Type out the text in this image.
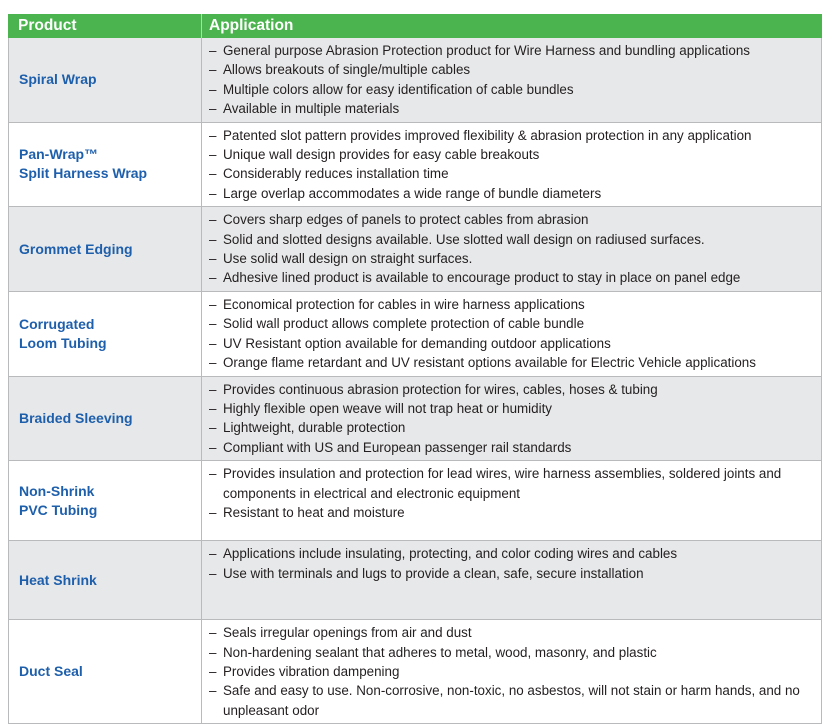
Product	Application
Spiral Wrap
– General purpose Abrasion Protection product for Wire Harness and bundling applications
– Allows breakouts of single/multiple cables
– Multiple colors allow for easy identification of cable bundles
– Available in multiple materials
Pan-Wrap™
Split Harness Wrap
– Patented slot pattern provides improved flexibility & abrasion protection in any application
– Unique wall design provides for easy cable breakouts
– Considerably reduces installation time
– Large overlap accommodates a wide range of bundle diameters
Grommet Edging
– Covers sharp edges of panels to protect cables from abrasion
– Solid and slotted designs available. Use slotted wall design on radiused surfaces.
– Use solid wall design on straight surfaces.
– Adhesive lined product is available to encourage product to stay in place on panel edge
Corrugated
Loom Tubing
– Economical protection for cables in wire harness applications
– Solid wall product allows complete protection of cable bundle
– UV Resistant option available for demanding outdoor applications
– Orange flame retardant and UV resistant options available for Electric Vehicle applications
Braided Sleeving
– Provides continuous abrasion protection for wires, cables, hoses & tubing
– Highly flexible open weave will not trap heat or humidity
– Lightweight, durable protection
– Compliant with US and European passenger rail standards
Non-Shrink
PVC Tubing
– Provides insulation and protection for lead wires, wire harness assemblies, soldered joints and components in electrical and electronic equipment
– Resistant to heat and moisture
Heat Shrink
– Applications include insulating, protecting, and color coding wires and cables
– Use with terminals and lugs to provide a clean, safe, secure installation
Duct Seal
– Seals irregular openings from air and dust
– Non-hardening sealant that adheres to metal, wood, masonry, and plastic
– Provides vibration dampening
– Safe and easy to use. Non-corrosive, non-toxic, no asbestos, will not stain or harm hands, and no unpleasant odor
